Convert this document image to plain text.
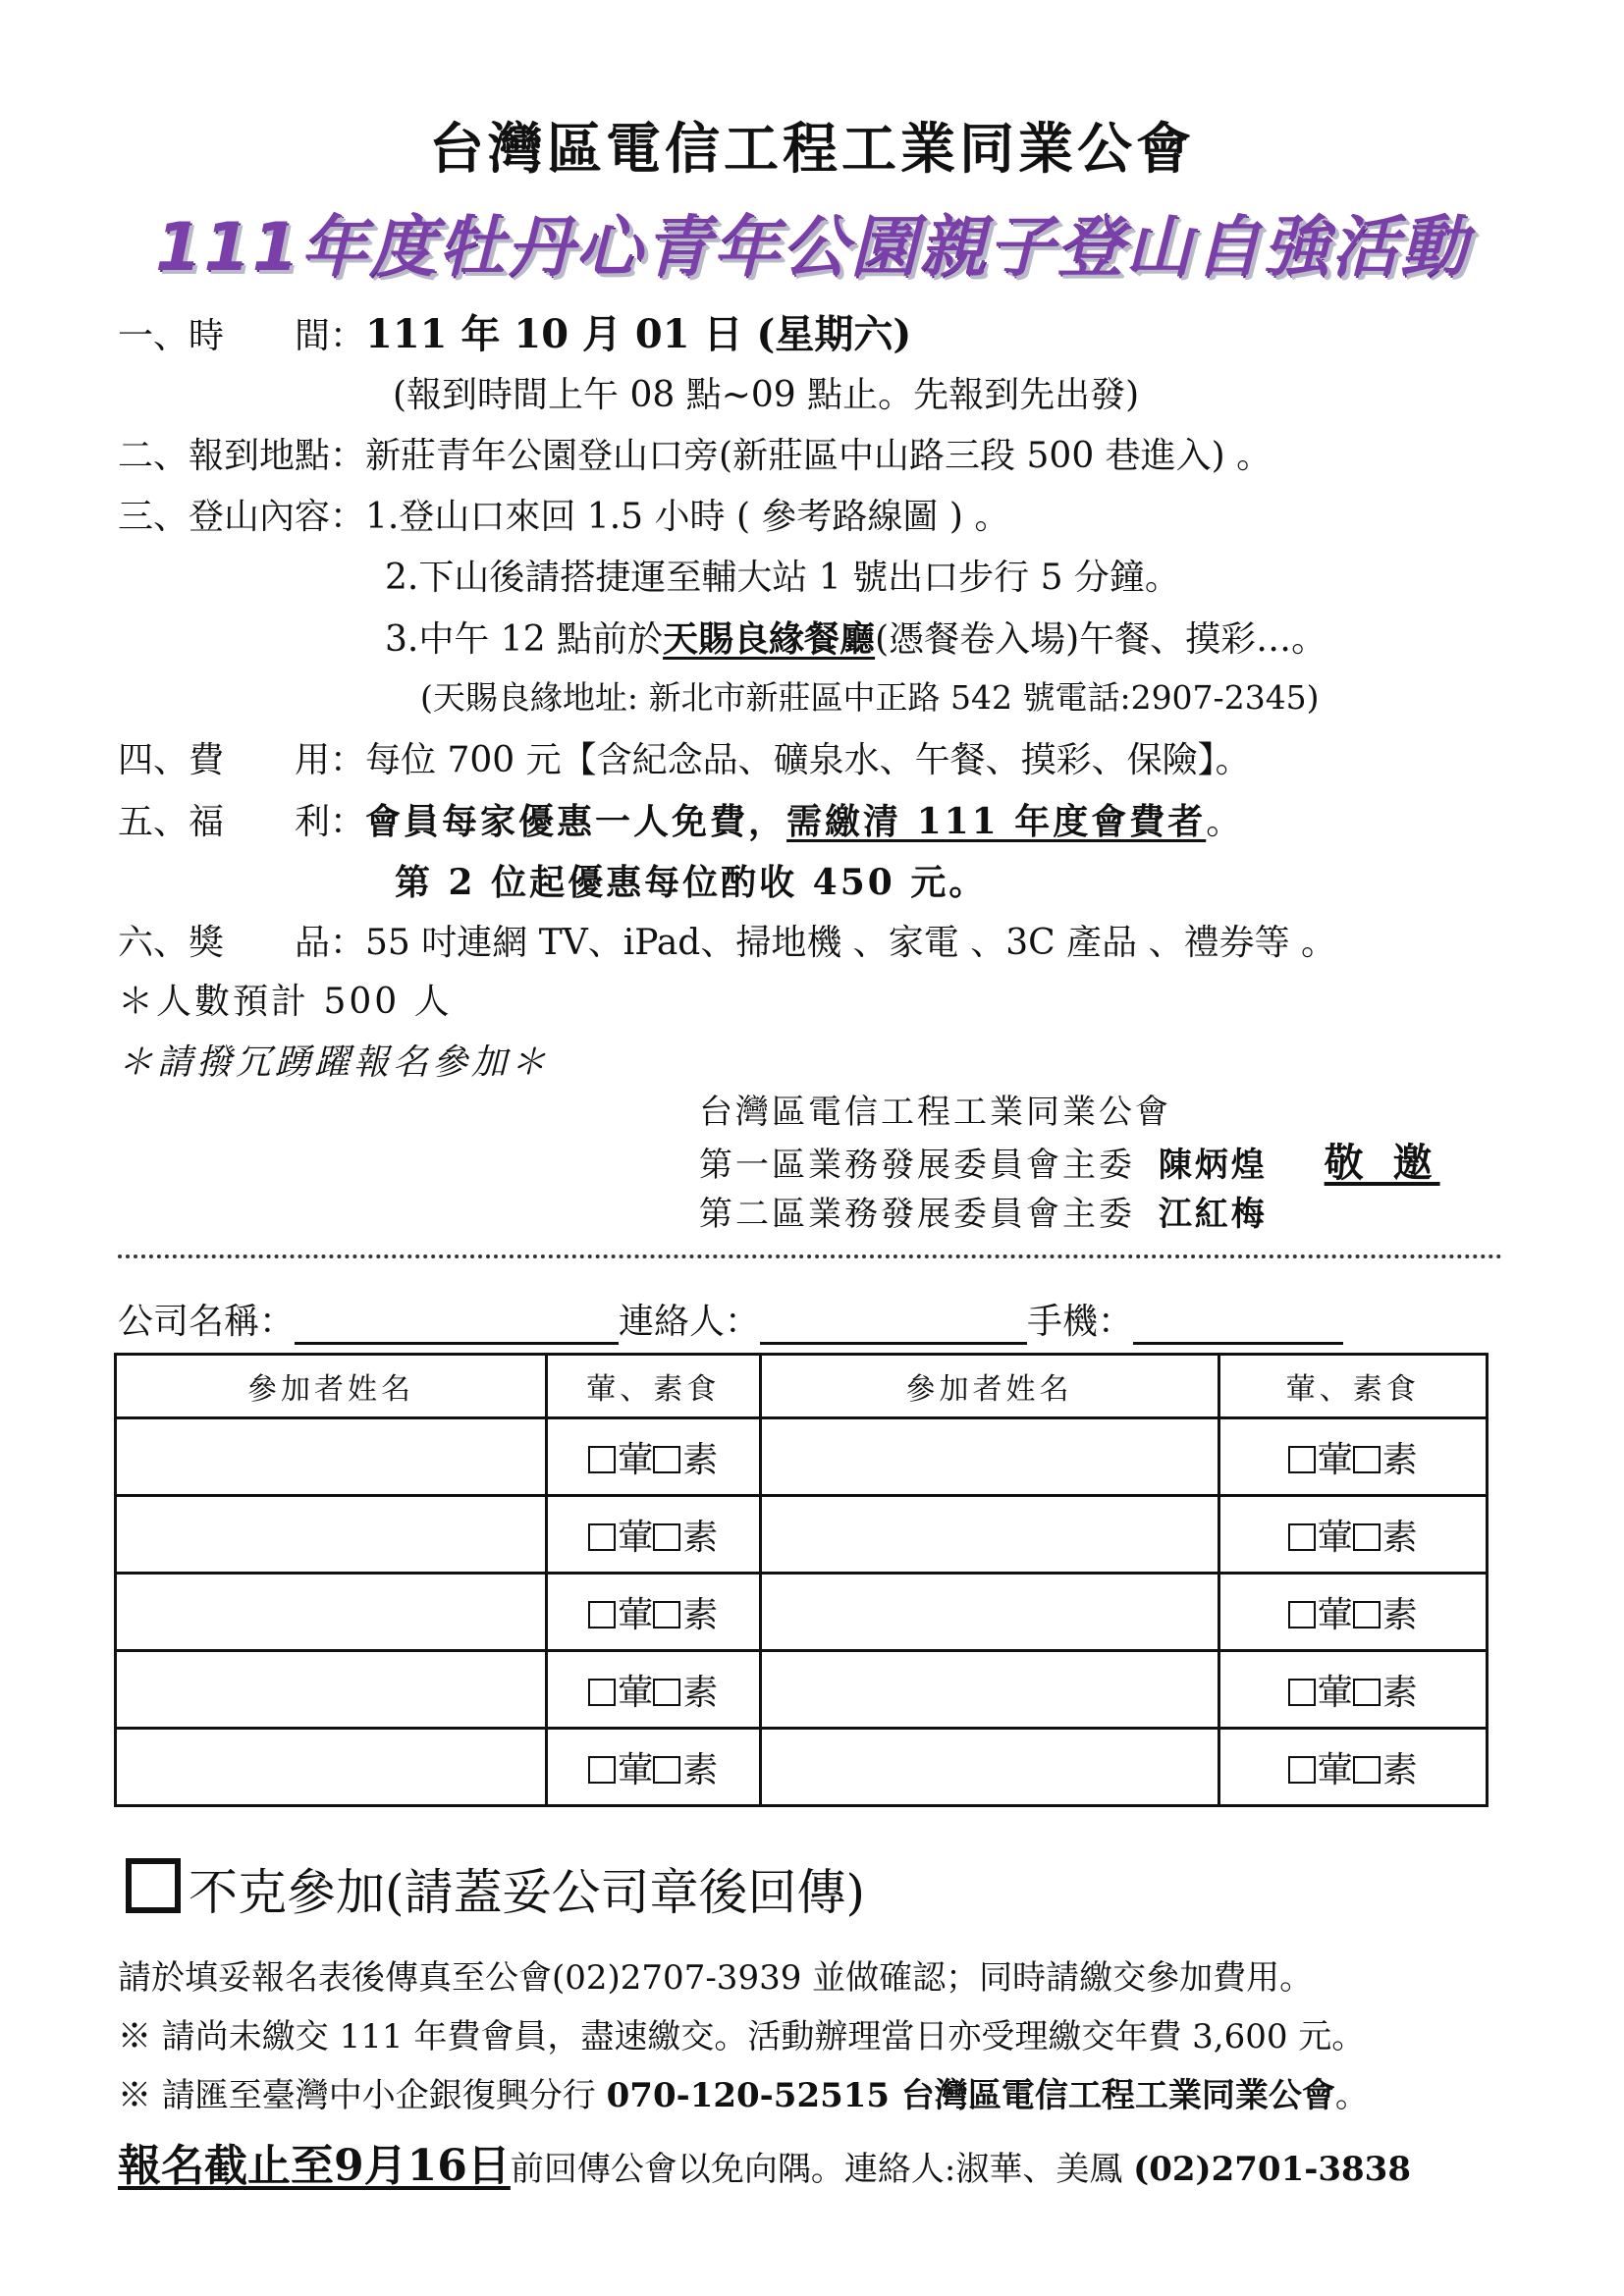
台灣區電信工程工業同業公會
111年度牡丹心青年公園親子登山自強活動
一、時　　間：111 年 10 月 01 日 (星期六)
(報到時間上午 08 點~09 點止。先報到先出發)
二、報到地點：新莊青年公園登山口旁(新莊區中山路三段 500 巷進入) 。
三、登山內容：1.登山口來回 1.5 小時 ( 參考路線圖 ) 。
2.下山後請搭捷運至輔大站 1 號出口步行 5 分鐘。
3.中午 12 點前於天賜良緣餐廳(憑餐卷入場)午餐、摸彩…。
(天賜良緣地址: 新北市新莊區中正路 542 號電話:2907-2345)
四、費　　用：每位 700 元【含紀念品、礦泉水、午餐、摸彩、保險】。
五、福　　利：會員每家優惠一人免費，需繳清 111 年度會費者。
第 2 位起優惠每位酌收 450 元。
六、獎　　品：55 吋連網 TV、iPad、掃地機 、家電 、3C 產品 、禮券等 。
＊人數預計 500 人
＊請撥冗踴躍報名參加＊
台灣區電信工程工業同業公會
第一區業務發展委員會主委 陳炳煌 敬 邀
第二區業務發展委員會主委 江紅梅
公司名稱：	連絡人：	手機：
參加者姓名	葷、素食	參加者姓名	葷、素食
	葷 素		葷 素
	葷 素		葷 素
	葷 素		葷 素
	葷 素		葷 素
	葷 素		葷 素
不克參加(請蓋妥公司章後回傳)
請於填妥報名表後傳真至公會(02)2707-3939 並做確認；同時請繳交參加費用。
※ 請尚未繳交 111 年費會員，盡速繳交。活動辦理當日亦受理繳交年費 3,600 元。
※ 請匯至臺灣中小企銀復興分行 070-120-52515 台灣區電信工程工業同業公會。
報名截止至9月16日前回傳公會以免向隅。連絡人:淑華、美鳳 (02)2701-3838
